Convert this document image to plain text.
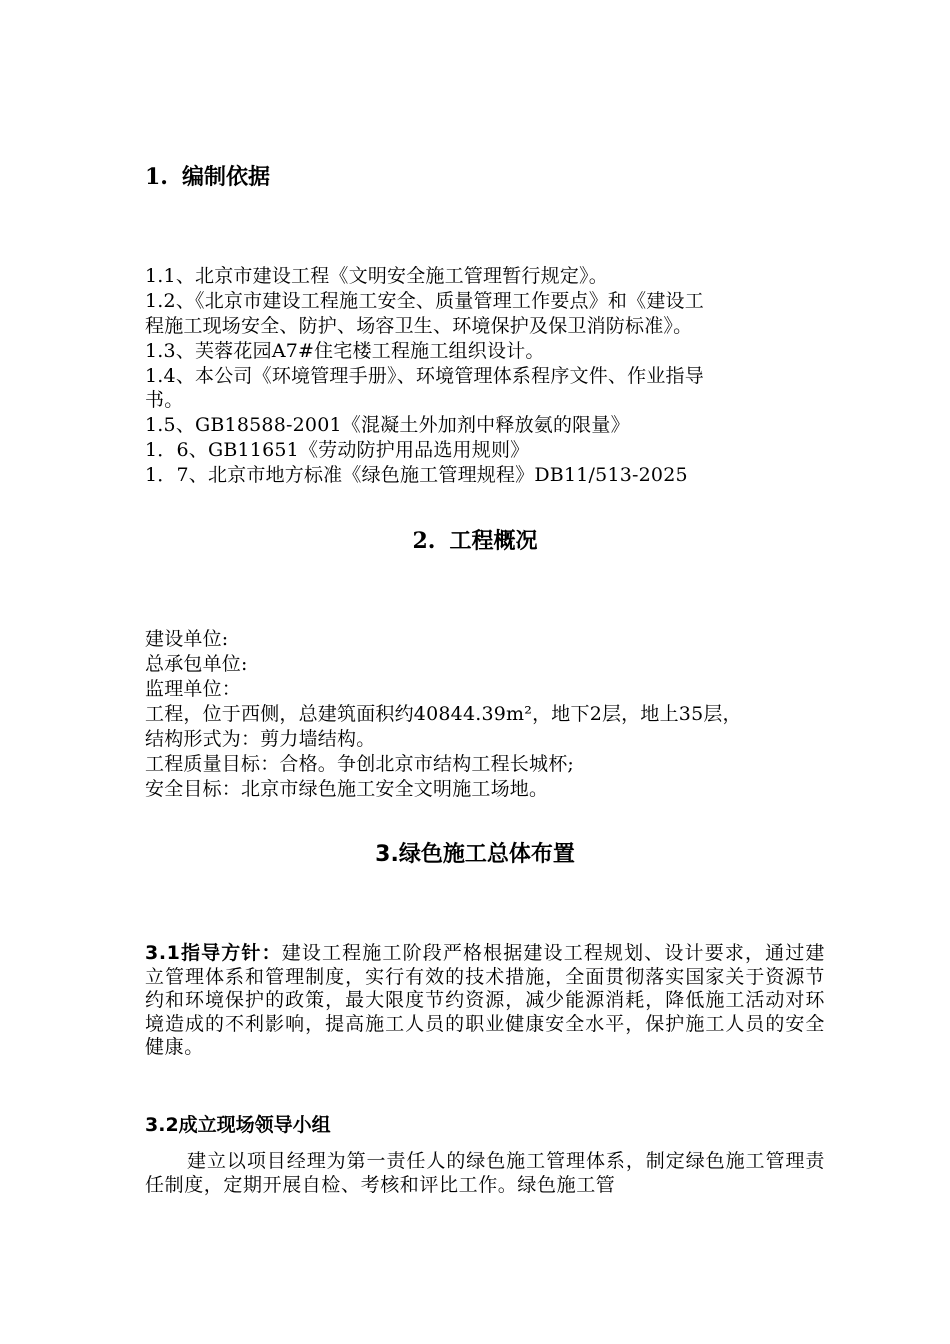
1. 编制依据
1.1、北京市建设工程《文明安全施工管理暂行规定》。
1.2、《北京市建设工程施工安全、质量管理工作要点》和《建设工
程施工现场安全、防护、场容卫生、环境保护及保卫消防标准》。
1.3、芙蓉花园A7#住宅楼工程施工组织设计。
1.4、本公司《环境管理手册》、环境管理体系程序文件、作业指导
书。
1.5、GB18588-2001《混凝土外加剂中释放氨的限量》
1．6、GB11651《劳动防护用品选用规则》
1．7、北京市地方标准《绿色施工管理规程》DB11/513-2025
2. 工程概况
建设单位:
总承包单位:
监理单位：
工程，位于西侧，总建筑面积约40844.39m²，地下2层，地上35层，
结构形式为：剪力墙结构。
工程质量目标：合格。争创北京市结构工程长城杯;
安全目标：北京市绿色施工安全文明施工场地。
3.绿色施工总体布置
3.1指导方针：建设工程施工阶段严格根据建设工程规划、设计要求，通过建立管理体系和管理制度，实行有效的技术措施，全面贯彻落实国家关于资源节约和环境保护的政策，最大限度节约资源，减少能源消耗，降低施工活动对环境造成的不利影响，提高施工人员的职业健康安全水平，保护施工人员的安全健康。
3.2成立现场领导小组
建立以项目经理为第一责任人的绿色施工管理体系，制定绿色施工管理责任制度，定期开展自检、考核和评比工作。绿色施工管
